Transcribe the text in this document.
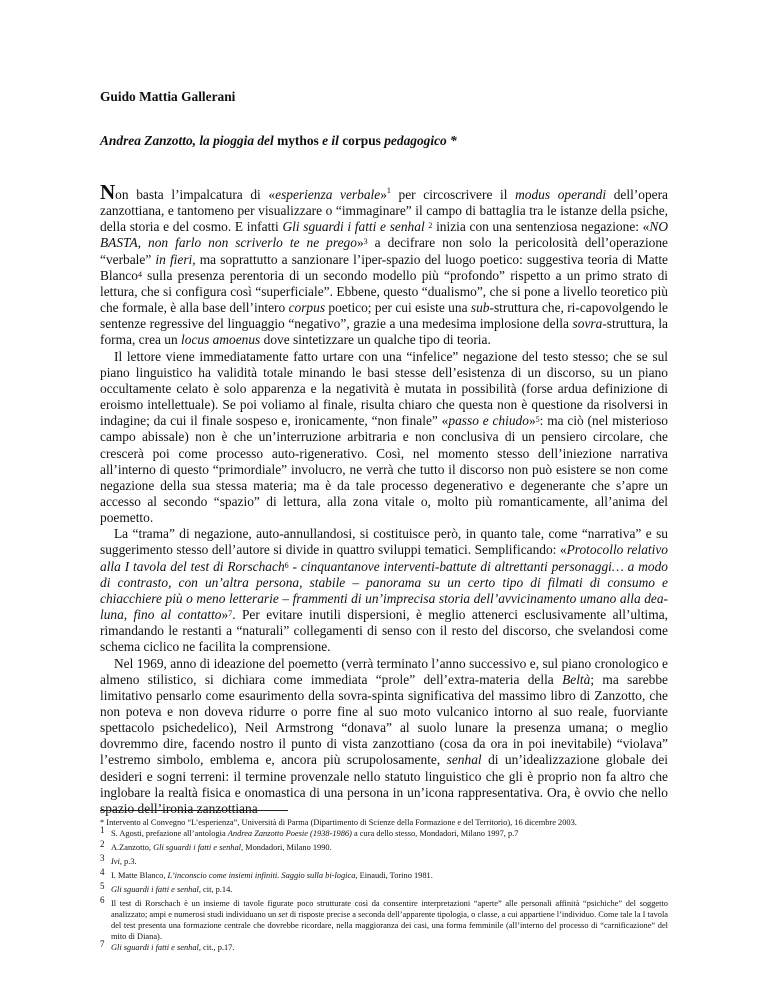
Guido Mattia Gallerani
Andrea Zanzotto, la pioggia del mythos e il corpus pedagogico *

Non basta l’impalcatura di «esperienza verbale»$^1$ per circoscrivere il modus operandi dell’opera zanzottiana, e tantomeno per visualizzare o “immaginare” il campo di battaglia tra le istanze della psiche, della storia e del cosmo. E infatti Gli sguardi i fatti e senhal $^2$ inizia con una sentenziosa negazione: «NO BASTA, non farlo non scriverlo te ne prego»$^3$ a decifrare non solo la pericolosità dell’operazione “verbale” in fieri, ma soprattutto a sanzionare l’iper-spazio del luogo poetico: suggestiva teoria di Matte Blanco$^4$ sulla presenza perentoria di un secondo modello più “profondo” rispetto a un primo strato di lettura, che si configura così “superficiale”. Ebbene, questo “dualismo”, che si pone a livello teoretico più che formale, è alla base dell’intero corpus poetico; per cui esiste una sub-struttura che, ri-capovolgendo le sentenze regressive del linguaggio “negativo”, grazie a una medesima implosione della sovra-struttura, la forma, crea un locus amoenus dove sintetizzare un qualche tipo di teoria.

Il lettore viene immediatamente fatto urtare con una “infelice” negazione del testo stesso; che se sul piano linguistico ha validità totale minando le basi stesse dell’esistenza di un discorso, su un piano occultamente celato è solo apparenza e la negatività è mutata in possibilità (forse ardua definizione di eroismo intellettuale). Se poi voliamo al finale, risulta chiaro che questa non è questione da risolversi in indagine; da cui il finale sospeso e, ironicamente, “non finale” «passo e chiudo»$^5$: ma ciò (nel misterioso campo abissale) non è che un’interruzione arbitraria e non conclusiva di un pensiero circolare, che crescerà poi come processo auto-rigenerativo. Così, nel momento stesso dell’iniezione narrativa all’interno di questo “primordiale” involucro, ne verrà che tutto il discorso non può esistere se non come negazione della sua stessa materia; ma è da tale processo degenerativo e degenerante che s’apre un accesso al secondo “spazio” di lettura, alla zona vitale o, molto più romanticamente, all’anima del poemetto.

La “trama” di negazione, auto-annullandosi, si costituisce però, in quanto tale, come “narrativa” e su suggerimento stesso dell’autore si divide in quattro sviluppi tematici. Semplificando: «Protocollo relativo alla I tavola del test di Rorschach$^6$ - cinquantanove interventi-battute di altrettanti personaggi… a modo di contrasto, con un’altra persona, stabile – panorama su un certo tipo di filmati di consumo e chiacchiere più o meno letterarie – frammenti di un’imprecisa storia dell’avvicinamento umano alla dea-luna, fino al contatto»$^7$. Per evitare inutili dispersioni, è meglio attenerci esclusivamente all’ultima, rimandando le restanti a “naturali” collegamenti di senso con il resto del discorso, che svelandosi come schema ciclico ne facilita la comprensione.

Nel 1969, anno di ideazione del poemetto (verrà terminato l’anno successivo e, sul piano cronologico e almeno stilistico, si dichiara come immediata “prole” dell’extra-materia della Beltà; ma sarebbe limitativo pensarlo come esaurimento della sovra-spinta significativa del massimo libro di Zanzotto, che non poteva e non doveva ridurre o porre fine al suo moto vulcanico intorno al suo reale, fuorviante spettacolo psichedelico), Neil Armstrong “donava” al suolo lunare la presenza umana; o meglio dovremmo dire, facendo nostro il punto di vista zanzottiano (cosa da ora in poi inevitabile) “violava” l’estremo simbolo, emblema e, ancora più scrupolosamente, senhal di un’idealizzazione globale dei desideri e sogni terreni: il termine provenzale nello statuto linguistico che gli è proprio non fa altro che inglobare la realtà fisica e onomastica di una persona in un’icona rappresentativa. Ora, è ovvio che nello spazio dell’ironia zanzottiana

* Intervento al Convegno “L’esperienza”, Università di Parma (Dipartimento di Scienze della Formazione e del Territorio), 16 dicembre 2003.

1 S. Agosti, prefazione all’antologia Andrea Zanzotto Poesie (1938-1986) a cura dello stesso, Mondadori, Milano 1997, p.7

2 A.Zanzotto, Gli sguardi i fatti e senhal, Mondadori, Milano 1990.

3 Ivi, p.3.

4 I. Matte Blanco, L’inconscio come insiemi infiniti. Saggio sulla bi-logica, Einaudi, Torino 1981.

5 Gli sguardi i fatti e senhal, cit, p.14.

6 Il test di Rorschach è un insieme di tavole figurate poco strutturate così da consentire interpretazioni “aperte” alle personali affinità “psichiche” del soggetto analizzato; ampi e numerosi studi individuano un set di risposte precise a seconda dell’apparente tipologia, o classe, a cui appartiene l’individuo. Come tale la I tavola del test presenta una formazione centrale che dovrebbe ricordare, nella maggioranza dei casi, una forma femminile (all’interno del processo di “carnificazione” del mito di Diana).

7 Gli sguardi i fatti e senhal, cit., p.17.
